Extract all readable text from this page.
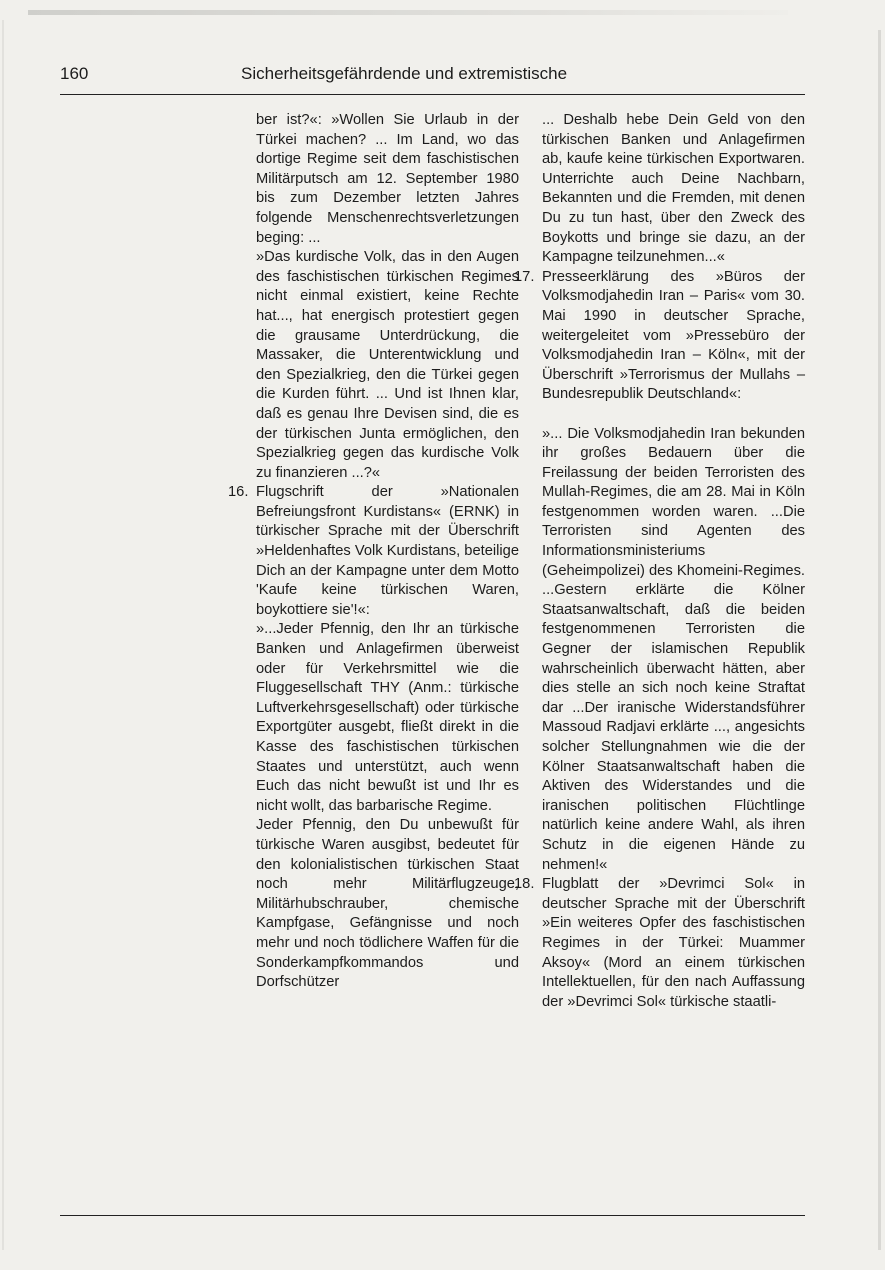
160	Sicherheitsgefährdende und extremistische

ber ist?«: »Wollen Sie Urlaub in der Türkei machen? ... Im Land, wo das dortige Regime seit dem faschistischen Militärputsch am 12. September 1980 bis zum Dezember letzten Jahres folgende Menschenrechtsverletzungen beging: ...

»Das kurdische Volk, das in den Augen des faschistischen türkischen Regimes nicht einmal existiert, keine Rechte hat..., hat energisch protestiert gegen die grausame Unterdrückung, die Massaker, die Unterentwicklung und den Spezialkrieg, den die Türkei gegen die Kurden führt. ... Und ist Ihnen klar, daß es genau Ihre Devisen sind, die es der türkischen Junta ermöglichen, den Spezialkrieg gegen das kurdische Volk zu finanzieren ...?«

16. Flugschrift der »Nationalen Befreiungsfront Kurdistans« (ERNK) in türkischer Sprache mit der Überschrift »Heldenhaftes Volk Kurdistans, beteilige Dich an der Kampagne unter dem Motto 'Kaufe keine türkischen Waren, boykottiere sie'!«:

»...Jeder Pfennig, den Ihr an türkische Banken und Anlagefirmen überweist oder für Verkehrsmittel wie die Fluggesellschaft THY (Anm.: türkische Luftverkehrsgesellschaft) oder türkische Exportgüter ausgebt, fließt direkt in die Kasse des faschistischen türkischen Staates und unterstützt, auch wenn Euch das nicht bewußt ist und Ihr es nicht wollt, das barbarische Regime.

Jeder Pfennig, den Du unbewußt für türkische Waren ausgibst, bedeutet für den kolonialistischen türkischen Staat noch mehr Militärflugzeuge, Militärhubschrauber, chemische Kampfgase, Gefängnisse und noch mehr und noch tödlichere Waffen für die Sonderkampfkommandos und Dorfschützer

... Deshalb hebe Dein Geld von den türkischen Banken und Anlagefirmen ab, kaufe keine türkischen Exportwaren. Unterrichte auch Deine Nachbarn, Bekannten und die Fremden, mit denen Du zu tun hast, über den Zweck des Boykotts und bringe sie dazu, an der Kampagne teilzunehmen...«

17. Presseerklärung des »Büros der Volksmodjahedin Iran – Paris« vom 30. Mai 1990 in deutscher Sprache, weitergeleitet vom »Pressebüro der Volksmodjahedin Iran – Köln«, mit der Überschrift »Terrorismus der Mullahs – Bundesrepublik Deutschland«:

»... Die Volksmodjahedin Iran bekunden ihr großes Bedauern über die Freilassung der beiden Terroristen des Mullah-Regimes, die am 28. Mai in Köln festgenommen worden waren. ...Die Terroristen sind Agenten des Informationsministeriums (Geheimpolizei) des Khomeini-Regimes. ...Gestern erklärte die Kölner Staatsanwaltschaft, daß die beiden festgenommenen Terroristen die Gegner der islamischen Republik wahrscheinlich überwacht hätten, aber dies stelle an sich noch keine Straftat dar ...Der iranische Widerstandsführer Massoud Radjavi erklärte ..., angesichts solcher Stellungnahmen wie die der Kölner Staatsanwaltschaft haben die Aktiven des Widerstandes und die iranischen politischen Flüchtlinge natürlich keine andere Wahl, als ihren Schutz in die eigenen Hände zu nehmen!«

18. Flugblatt der »Devrimci Sol« in deutscher Sprache mit der Überschrift »Ein weiteres Opfer des faschistischen Regimes in der Türkei: Muammer Aksoy« (Mord an einem türkischen Intellektuellen, für den nach Auffassung der »Devrimci Sol« türkische staatli-
